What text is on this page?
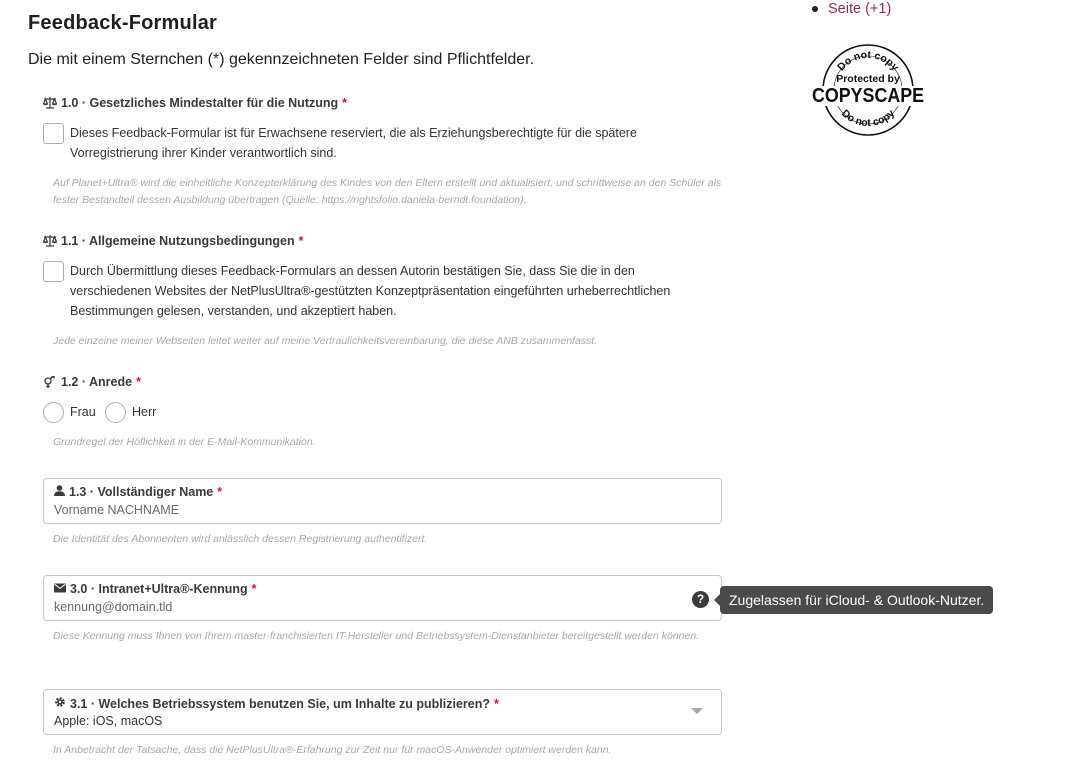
Feedback-Formular

Die mit einem Sternchen (*) gekennzeichneten Felder sind Pflichtfelder.

1.0 · Gesetzliches Mindestalter für die Nutzung *
Dieses Feedback-Formular ist für Erwachsene reserviert, die als Erziehungsberechtigte für die spätere Vorregistrierung ihrer Kinder verantwortlich sind.
Auf Planet+Ultra® wird die einheitliche Konzepterklärung des Kindes von den Eltern erstellt und aktualisiert, und schrittweise an den Schüler als fester Bestandteil dessen Ausbildung übertragen (Quelle: https://rightsfolio.daniela-berndt.foundation).
1.1 · Allgemeine Nutzungsbedingungen *
Durch Übermittlung dieses Feedback-Formulars an dessen Autorin bestätigen Sie, dass Sie die in den verschiedenen Websites der NetPlusUltra®-gestützten Konzeptpräsentation eingeführten urheberrechtlichen Bestimmungen gelesen, verstanden, und akzeptiert haben.
Jede einzeine meiner Webseiten leitet weiter auf meine Vertraulichkeitsvereinbarung, die diese ANB zusammenfasst.
1.2 · Anrede *
Frau	Herr
Grundregel der Höflichkeit in der E-Mail-Kommunikation.
1.3 · Vollständiger Name *
Vorname NACHNAME
Die Identität des Abonnenten wird anlässlich dessen Registrierung authentifizert.
3.0 · Intranet+Ultra®-Kennung *
kennung@domain.tld
?	Zugelassen für iCloud- & Outlook-Nutzer.
Diese Kennung muss Ihnen von Ihrem master-franchisierten IT-Hersteller und Betriebssystem-Dienstanbieter bereitgestellt werden können.
3.1 · Welches Betriebssystem benutzen Sie, um Inhalte zu publizieren? *
Apple: iOS, macOS
In Anbetracht der Tatsache, dass die NetPlusUltra®-Erfahrung zur Zeit nur für macOS-Anwender optimiert werden kann.
Seite (+1)
Do not copy
Protected by
COPYSCAPE
Do not copy
